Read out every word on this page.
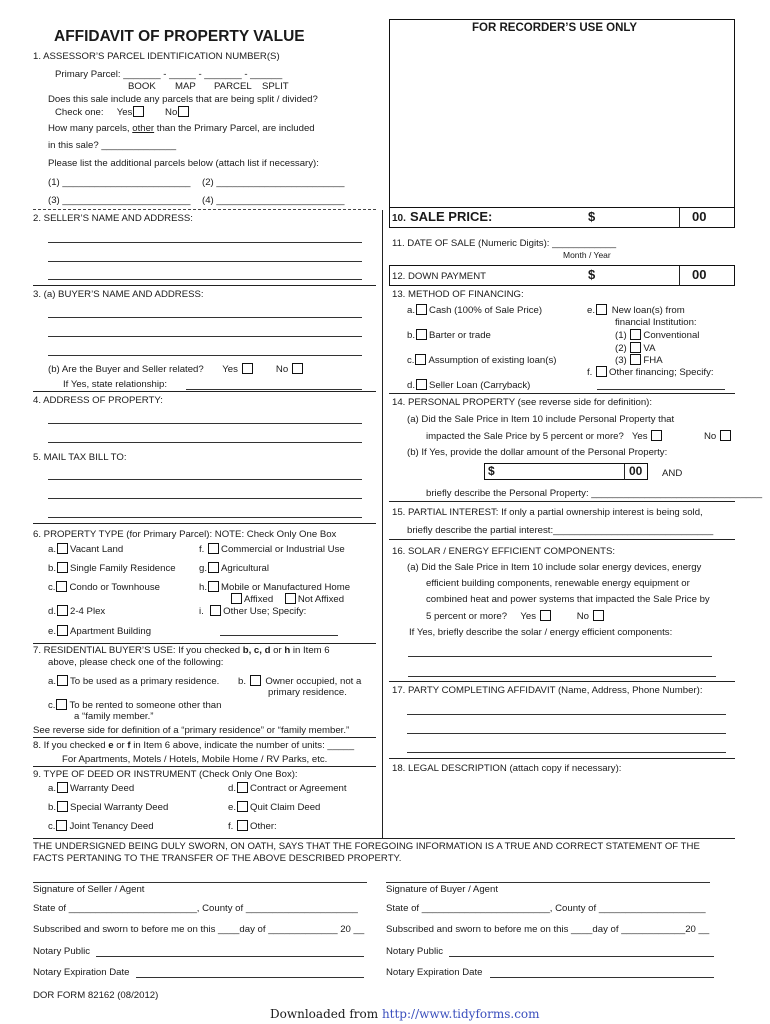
AFFIDAVIT OF PROPERTY VALUE	FOR RECORDER’S USE ONLY
1. ASSESSOR’S PARCEL IDENTIFICATION NUMBER(S)
Primary Parcel: _______ - _____ - _______ - ______
BOOK MAP PARCEL SPLIT
Does this sale include any parcels that are being split / divided?
Check one: Yes	No
How many parcels, other than the Primary Parcel, are included
in this sale? ______________
Please list the additional parcels below (attach list if necessary):
(1) ________________________ (2) ________________________
(3) ________________________ (4) ________________________
2. SELLER’S NAME AND ADDRESS:
3. (a) BUYER’S NAME AND ADDRESS:
(b) Are the Buyer and Seller related? Yes	No
If Yes, state relationship:
4. ADDRESS OF PROPERTY:
5. MAIL TAX BILL TO:
6. PROPERTY TYPE (for Primary Parcel): NOTE: Check Only One Box
a. Vacant Land
b. Single Family Residence
c. Condo or Townhouse
d. 2-4 Plex
e. Apartment Building
f. Commercial or Industrial Use
g. Agricultural
h. Mobile or Manufactured Home
Affixed	Not Affixed
i. Other Use; Specify:
7. RESIDENTIAL BUYER’S USE: If you checked b, c, d or h in Item 6
above, please check one of the following:
a. To be used as a primary residence. b. Owner occupied, not a
primary residence.
c. To be rented to someone other than
a “family member.”
See reverse side for definition of a “primary residence” or “family member.”
8. If you checked e or f in Item 6 above, indicate the number of units: _____
For Apartments, Motels / Hotels, Mobile Home / RV Parks, etc.
9. TYPE OF DEED OR INSTRUMENT (Check Only One Box):
a. Warranty Deed
b. Special Warranty Deed
c. Joint Tenancy Deed
d. Contract or Agreement
e. Quit Claim Deed
f. Other:
10. SALE PRICE:	$	00
11. DATE OF SALE (Numeric Digits): ____________
Month / Year
12. DOWN PAYMENT	$	00
13. METHOD OF FINANCING:
a. Cash (100% of Sale Price)
b. Barter or trade
c. Assumption of existing loan(s)
d. Seller Loan (Carryback)
e. New loan(s) from
financial Institution:
(1) Conventional
(2) VA
(3) FHA
f. Other financing; Specify:
14. PERSONAL PROPERTY (see reverse side for definition):
(a) Did the Sale Price in Item 10 include Personal Property that
impacted the Sale Price by 5 percent or more? Yes	No
(b) If Yes, provide the dollar amount of the Personal Property:
$	00 AND
briefly describe the Personal Property: ________________________________
15. PARTIAL INTEREST: If only a partial ownership interest is being sold,
briefly describe the partial interest:______________________________
16. SOLAR / ENERGY EFFICIENT COMPONENTS:
(a) Did the Sale Price in Item 10 include solar energy devices, energy
efficient building components, renewable energy equipment or
combined heat and power systems that impacted the Sale Price by
5 percent or more? Yes	No
If Yes, briefly describe the solar / energy efficient components:
17. PARTY COMPLETING AFFIDAVIT (Name, Address, Phone Number):
18. LEGAL DESCRIPTION (attach copy if necessary):
THE UNDERSIGNED BEING DULY SWORN, ON OATH, SAYS THAT THE FOREGOING INFORMATION IS A TRUE AND CORRECT STATEMENT OF THE
FACTS PERTANING TO THE TRANSFER OF THE ABOVE DESCRIBED PROPERTY.
Signature of Seller / Agent	Signature of Buyer / Agent
State of ________________________, County of _____________________	State of ________________________, County of ____________________
Subscribed and sworn to before me on this ____day of _____________ 20 __ Subscribed and sworn to before me on this ____day of ____________20 __
Notary Public	Notary Public
Notary Expiration Date	Notary Expiration Date
DOR FORM 82162 (08/2012)
Downloaded from http://www.tidyforms.com
